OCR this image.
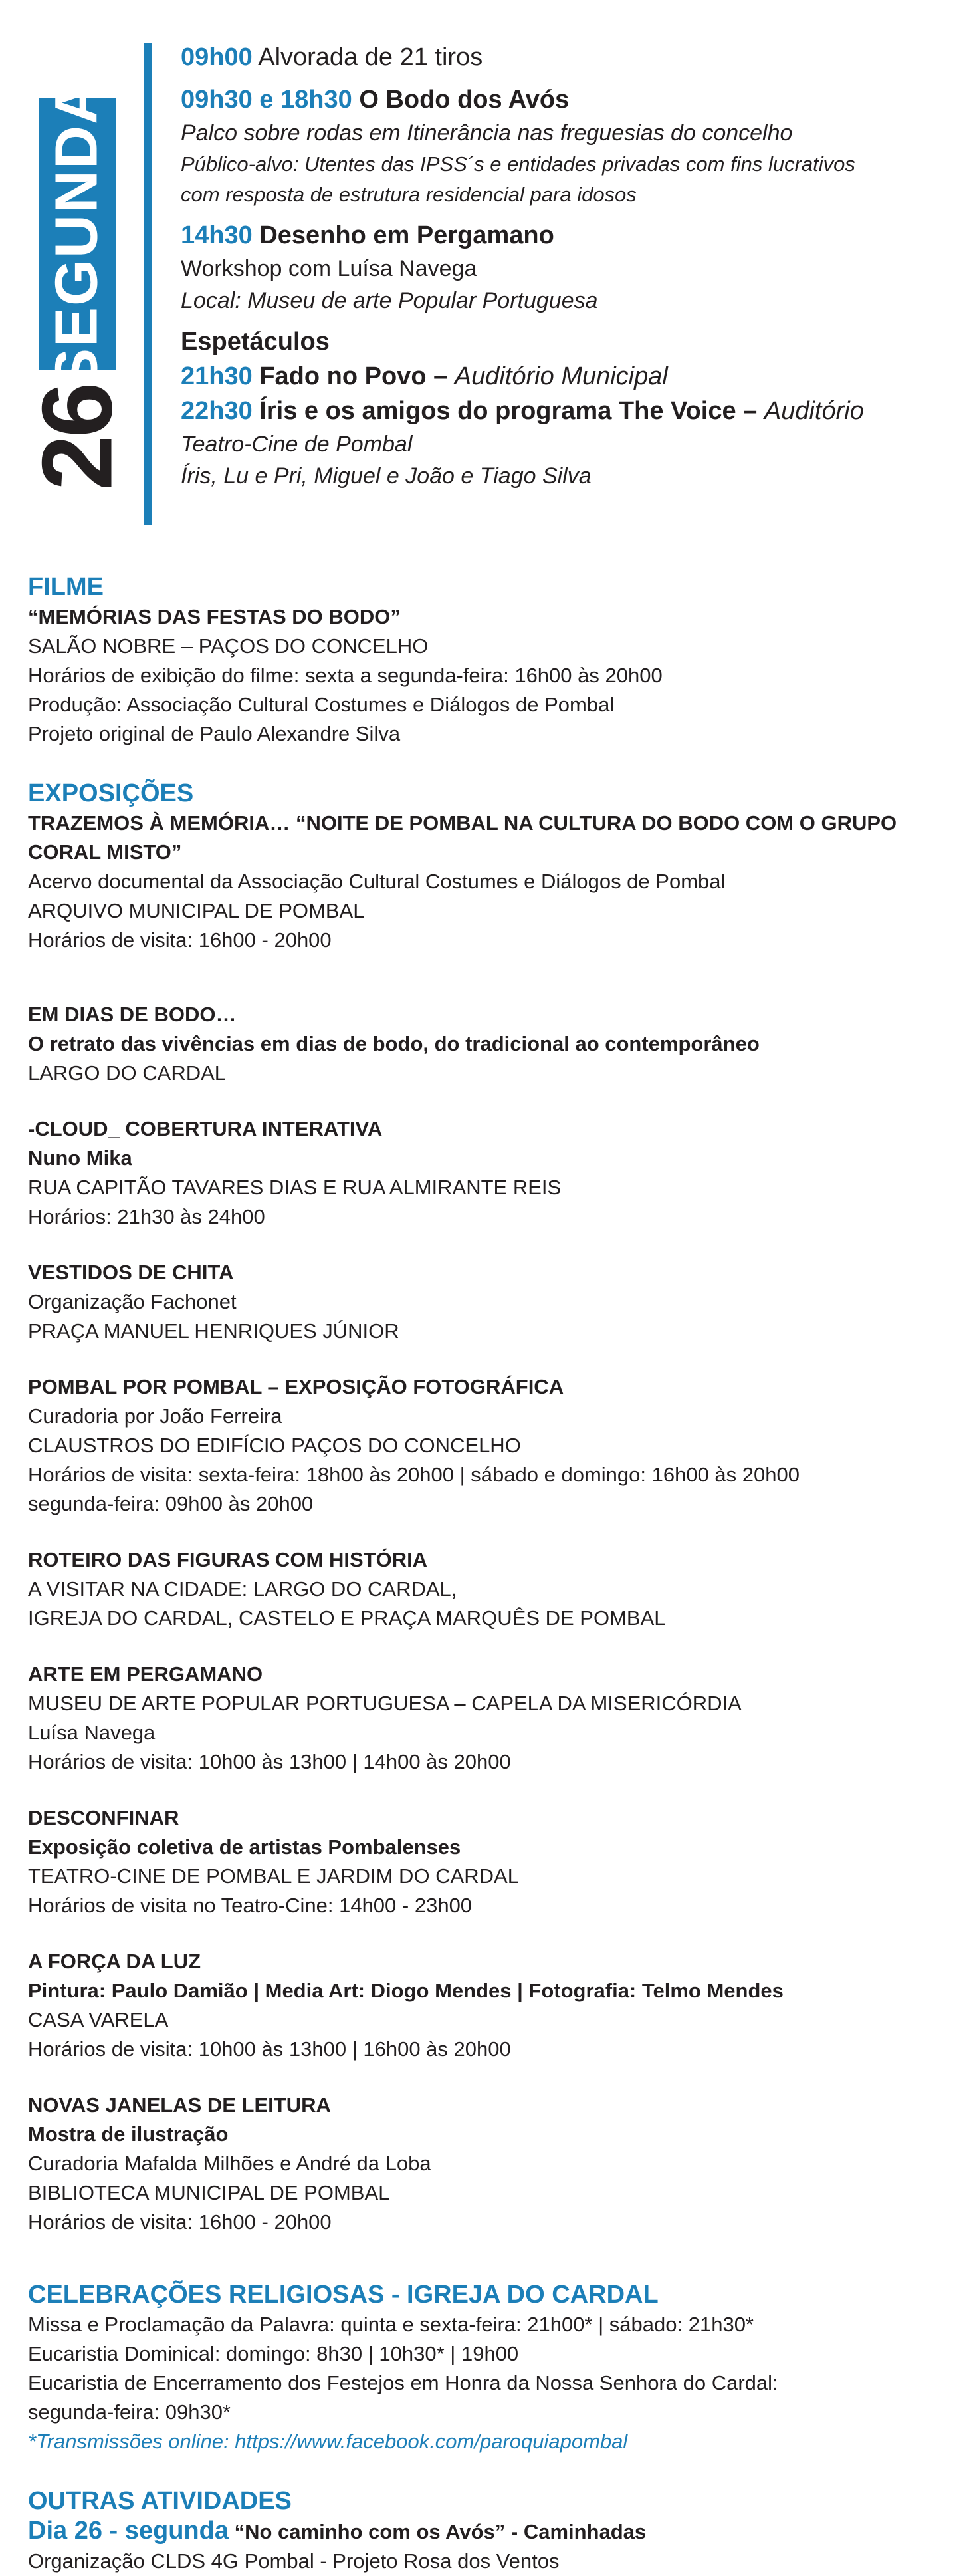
SEGUNDA
26
09h00 Alvorada de 21 tiros
09h30 e 18h30 O Bodo dos Avós
Palco sobre rodas em Itinerância nas freguesias do concelho
Público-alvo: Utentes das IPSS´s e entidades privadas com fins lucrativos
com resposta de estrutura residencial para idosos
14h30 Desenho em Pergamano
Workshop com Luísa Navega
Local: Museu de arte Popular Portuguesa
Espetáculos
21h30 Fado no Povo – Auditório Municipal
22h30 Íris e os amigos do programa The Voice – Auditório
Teatro-Cine de Pombal
Íris, Lu e Pri, Miguel e João e Tiago Silva
FILME
“MEMÓRIAS DAS FESTAS DO BODO”
SALÃO NOBRE – PAÇOS DO CONCELHO
Horários de exibição do filme: sexta a segunda-feira: 16h00 às 20h00
Produção: Associação Cultural Costumes e Diálogos de Pombal
Projeto original de Paulo Alexandre Silva
EXPOSIÇÕES
TRAZEMOS À MEMÓRIA… “NOITE DE POMBAL NA CULTURA DO BODO COM O GRUPO
CORAL MISTO”
Acervo documental da Associação Cultural Costumes e Diálogos de Pombal
ARQUIVO MUNICIPAL DE POMBAL
Horários de visita: 16h00 - 20h00
EM DIAS DE BODO…
O retrato das vivências em dias de bodo, do tradicional ao contemporâneo
LARGO DO CARDAL
-CLOUD_ COBERTURA INTERATIVA
Nuno Mika
RUA CAPITÃO TAVARES DIAS E RUA ALMIRANTE REIS
Horários: 21h30 às 24h00
VESTIDOS DE CHITA
Organização Fachonet
PRAÇA MANUEL HENRIQUES JÚNIOR
POMBAL POR POMBAL – EXPOSIÇÃO FOTOGRÁFICA
Curadoria por João Ferreira
CLAUSTROS DO EDIFÍCIO PAÇOS DO CONCELHO
Horários de visita: sexta-feira: 18h00 às 20h00 | sábado e domingo: 16h00 às 20h00
segunda-feira: 09h00 às 20h00
ROTEIRO DAS FIGURAS COM HISTÓRIA
A VISITAR NA CIDADE: LARGO DO CARDAL,
IGREJA DO CARDAL, CASTELO E PRAÇA MARQUÊS DE POMBAL
ARTE EM PERGAMANO
MUSEU DE ARTE POPULAR PORTUGUESA – CAPELA DA MISERICÓRDIA
Luísa Navega
Horários de visita: 10h00 às 13h00 | 14h00 às 20h00
DESCONFINAR
Exposição coletiva de artistas Pombalenses
TEATRO-CINE DE POMBAL E JARDIM DO CARDAL
Horários de visita no Teatro-Cine: 14h00 - 23h00
A FORÇA DA LUZ
Pintura: Paulo Damião | Media Art: Diogo Mendes | Fotografia: Telmo Mendes
CASA VARELA
Horários de visita: 10h00 às 13h00 | 16h00 às 20h00
NOVAS JANELAS DE LEITURA
Mostra de ilustração
Curadoria Mafalda Milhões e André da Loba
BIBLIOTECA MUNICIPAL DE POMBAL
Horários de visita: 16h00 - 20h00
CELEBRAÇÕES RELIGIOSAS - IGREJA DO CARDAL
Missa e Proclamação da Palavra: quinta e sexta-feira: 21h00* | sábado: 21h30*
Eucaristia Dominical: domingo: 8h30 | 10h30* | 19h00
Eucaristia de Encerramento dos Festejos em Honra da Nossa Senhora do Cardal:
segunda-feira: 09h30*
*Transmissões online: https://www.facebook.com/paroquiapombal
OUTRAS ATIVIDADES
Dia 26 - segunda “No caminho com os Avós” - Caminhadas
Organização CLDS 4G Pombal - Projeto Rosa dos Ventos
